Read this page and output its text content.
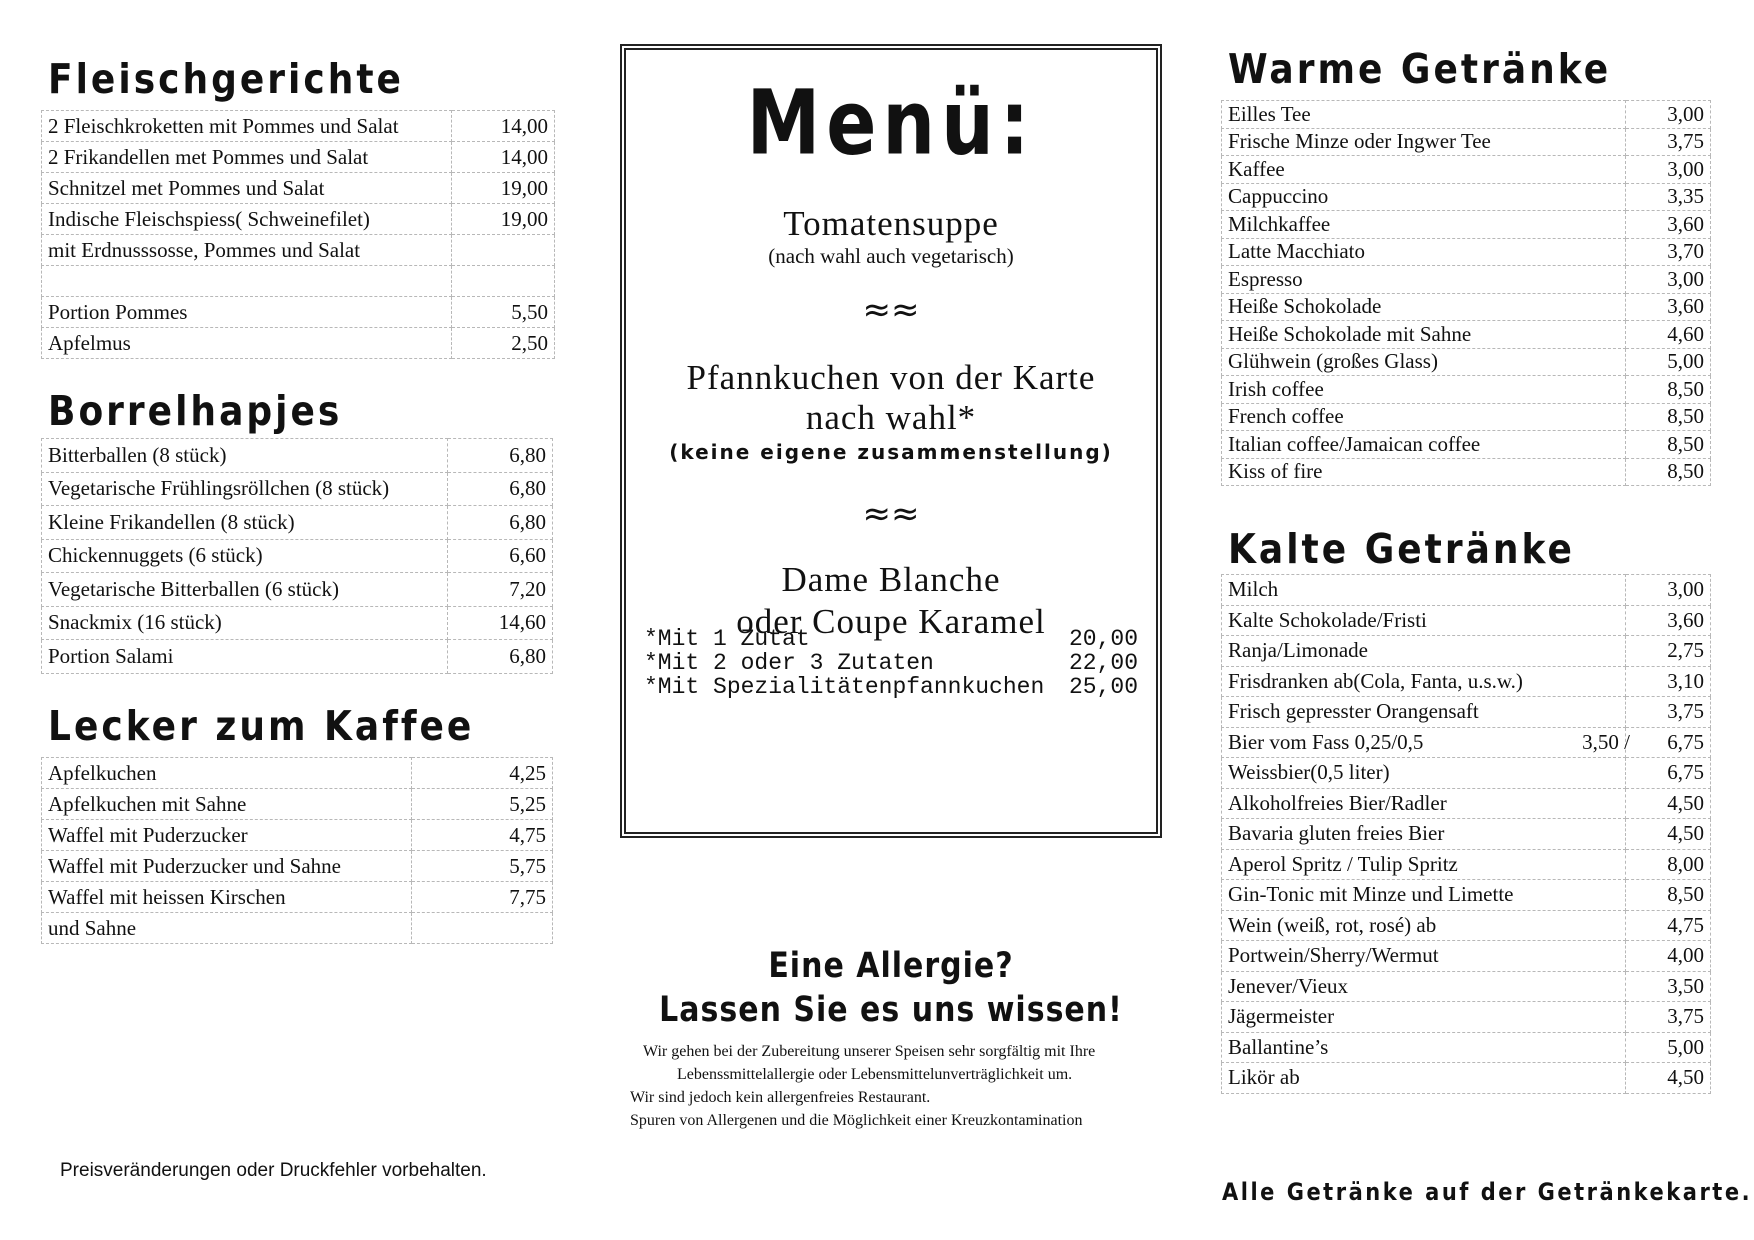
Fleischgerichte
2 Fleischkroketten mit Pommes und Salat	14,00
2 Frikandellen met Pommes und Salat	14,00
Schnitzel met Pommes und Salat	19,00
Indische Fleischspiess( Schweinefilet)	19,00
mit Erdnusssosse, Pommes und Salat	

Portion Pommes	5,50
Apfelmus	2,50
Borrelhapjes
Bitterballen (8 stück)	6,80
Vegetarische Frühlingsröllchen (8 stück)	6,80
Kleine Frikandellen (8 stück)	6,80
Chickennuggets (6 stück)	6,60
Vegetarische Bitterballen (6 stück)	7,20
Snackmix (16 stück)	14,60
Portion Salami	6,80
Lecker zum Kaffee
Apfelkuchen	4,25
Apfelkuchen mit Sahne	5,25
Waffel mit Puderzucker	4,75
Waffel mit Puderzucker und Sahne	5,75
Waffel mit heissen Kirschen	7,75
und Sahne	
Menü:
Tomatensuppe
(nach wahl auch vegetarisch)
≈≈
Pfannkuchen von der Karte
nach wahl*
(keine eigene zusammenstellung)
≈≈
Dame Blanche
oder Coupe Karamel
*Mit 1 Zutat	20,00
*Mit 2 oder 3 Zutaten	22,00
*Mit Spezialitätenpfannkuchen 25,00
Eine Allergie?
Lassen Sie es uns wissen!
Wir gehen bei der Zubereitung unserer Speisen sehr sorgfältig mit Ihre
Lebenssmittelallergie oder Lebensmittelunverträglichkeit um.
Wir sind jedoch kein allergenfreies Restaurant.
Spuren von Allergenen und die Möglichkeit einer Kreuzkontamination
Warme Getränke
Eilles Tee	3,00
Frische Minze oder Ingwer Tee	3,75
Kaffee	3,00
Cappuccino	3,35
Milchkaffee	3,60
Latte Macchiato	3,70
Espresso	3,00
Heiße Schokolade	3,60
Heiße Schokolade mit Sahne	4,60
Glühwein (großes Glass)	5,00
Irish coffee	8,50
French coffee	8,50
Italian coffee/Jamaican coffee	8,50
Kiss of fire	8,50
Kalte Getränke
Milch	3,00
Kalte Schokolade/Fristi	3,60
Ranja/Limonade	2,75
Frisdranken ab(Cola, Fanta, u.s.w.)	3,10
Frisch gepresster Orangensaft	3,75
Bier vom Fass 0,25/0,5	3,50 / 6,75
Weissbier(0,5 liter)	6,75
Alkoholfreies Bier/Radler	4,50
Bavaria gluten freies Bier	4,50
Aperol Spritz / Tulip Spritz	8,00
Gin-Tonic mit Minze und Limette	8,50
Wein (weiß, rot, rosé) ab	4,75
Portwein/Sherry/Wermut	4,00
Jenever/Vieux	3,50
Jägermeister	3,75
Ballantine’s	5,00
Likör ab	4,50
Preisveränderungen oder Druckfehler vorbehalten.
Alle Getränke auf der Getränkekarte.
